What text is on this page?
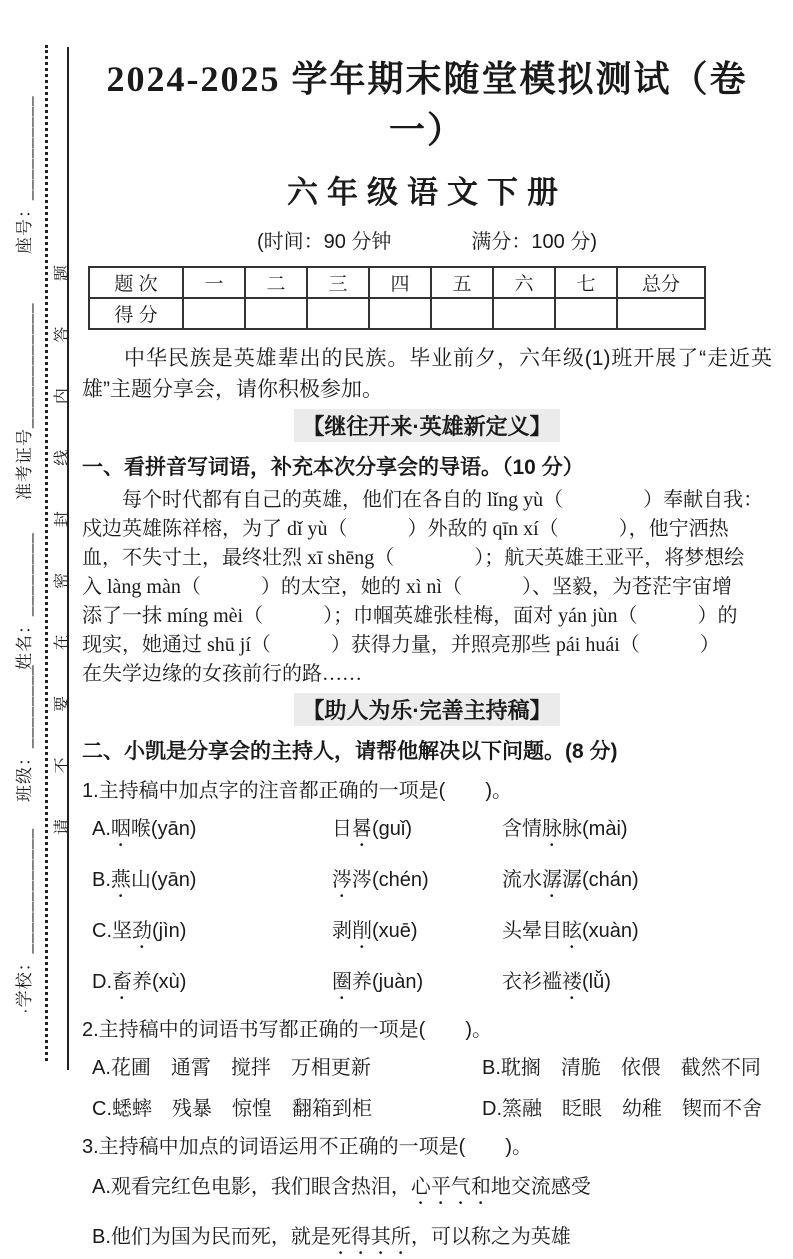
·学校：____________
班级：________
姓名：________
准考证号____________
座号：__________
请
不
要
在
密
封
线
内
答
题
2024-2025 学年期末随堂模拟测试（卷一）
六年级语文下册
(时间：90 分钟　　　　满分：100 分)
题 次	一	二	三	四	五	六	七	总分
得 分								

中华民族是英雄辈出的民族。毕业前夕，六年级(1)班开展了“走近英雄”主题分享会，请你积极参加。

【继往开来·英雄新定义】
一、看拼音写词语，补充本次分享会的导语。（10 分）
每个时代都有自己的英雄，他们在各自的 lǐng yù（　　　　）奉献自我：
戍边英雄陈祥榕，为了 dǐ yù（　　　）外敌的 qīn xí（　　　），他宁洒热
血，不失寸土，最终壮烈 xī shēng（　　　　）；航天英雄王亚平，将梦想绘
入 làng màn（　　　）的太空，她的 xì nì（　　　）、坚毅，为苍茫宇宙增
添了一抹 míng mèi（　　　）；巾帼英雄张桂梅，面对 yán jùn（　　　）的
现实，她通过 shū jí（　　　）获得力量，并照亮那些 pái huái（　　　）
在失学边缘的女孩前行的路……
【助人为乐·完善主持稿】
二、小凯是分享会的主持人，请帮他解决以下问题。(8 分)
1.主持稿中加点字的注音都正确的一项是(　　)。
A.咽喉(yān)	日晷(guǐ)	含情脉脉(mài)
B.燕山(yān)	涔涔(chén)	流水潺潺(chán)
C.坚劲(jìn)	剥削(xuē)	头晕目眩(xuàn)
D.畜养(xù)	圈养(juàn)	衣衫褴褛(lǚ)
2.主持稿中的词语书写都正确的一项是(　　)。
A.花圃　通霄　搅拌　万相更新	B.耽搁　清脆　依偎　截然不同
C.蟋蟀　残暴　惊惶　翻箱到柜	D.篜融　眨眼　幼稚　锲而不舍
3.主持稿中加点的词语运用不正确的一项是(　　)。
A.观看完红色电影，我们眼含热泪，心平气和地交流感受
B.他们为国为民而死，就是死得其所，可以称之为英雄
